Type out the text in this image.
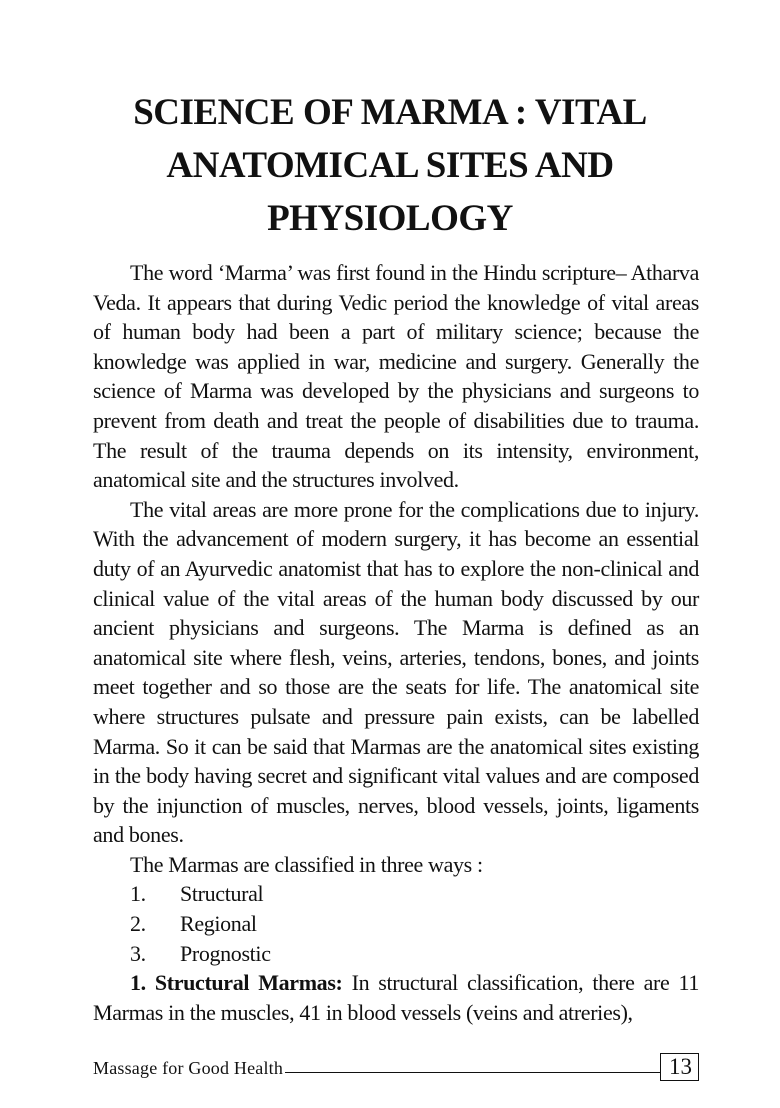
SCIENCE OF MARMA : VITAL
ANATOMICAL SITES AND
PHYSIOLOGY

The word ‘Marma’ was first found in the Hindu scripture– Atharva Veda. It appears that during Vedic period the knowledge of vital areas of human body had been a part of military science; because the knowledge was applied in war, medicine and surgery. Generally the science of Marma was developed by the physicians and surgeons to prevent from death and treat the people of disabilities due to trauma. The result of the trauma depends on its intensity, environment, anatomical site and the structures involved.

The vital areas are more prone for the complications due to injury. With the advancement of modern surgery, it has become an essential duty of an Ayurvedic anatomist that has to explore the non-clinical and clinical value of the vital areas of the human body discussed by our ancient physicians and surgeons. The Marma is defined as an anatomical site where flesh, veins, arteries, tendons, bones, and joints meet together and so those are the seats for life. The anatomical site where structures pulsate and pressure pain exists, can be labelled Marma. So it can be said that Marmas are the anatomical sites existing in the body having secret and significant vital values and are composed by the injunction of muscles, nerves, blood vessels, joints, ligaments and bones.

The Marmas are classified in three ways :

1.	Structural
2.	Regional
3.	Prognostic

1. Structural Marmas: In structural classification, there are 11 Marmas in the muscles, 41 in blood vessels (veins and atreries),

Massage for Good Health	13
